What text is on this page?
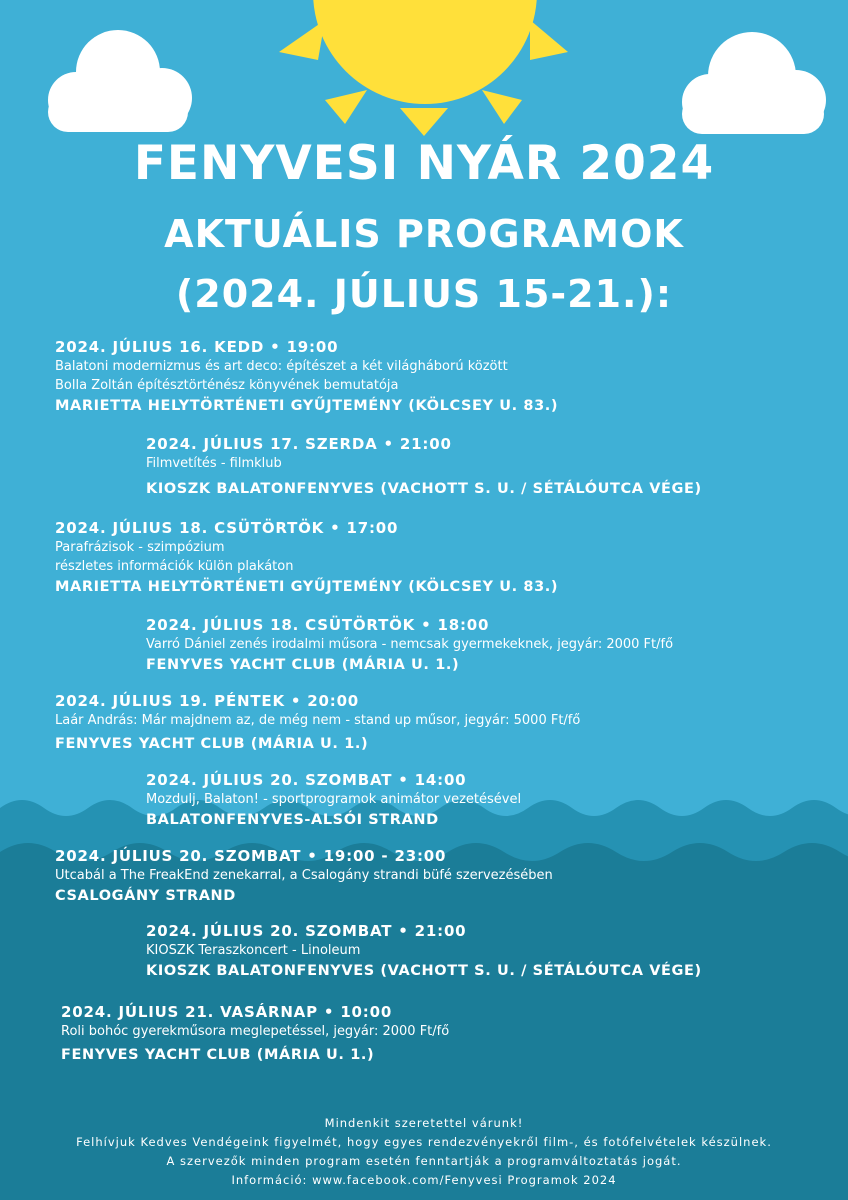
FENYVESI NYÁR 2024
AKTUÁLIS PROGRAMOK
(2024. JÚLIUS 15-21.):
2024. JÚLIUS 16. KEDD • 19:00
Balatoni modernizmus és art deco: építészet a két világháború között
Bolla Zoltán építésztörténész könyvének bemutatója
MARIETTA HELYTÖRTÉNETI GYŰJTEMÉNY (KÖLCSEY U. 83.)
2024. JÚLIUS 17. SZERDA • 21:00
Filmvetítés - filmklub
KIOSZK BALATONFENYVES (VACHOTT S. U. / SÉTÁLÓUTCA VÉGE)
2024. JÚLIUS 18. CSÜTÖRTÖK • 17:00
Parafrázisok - szimpózium
részletes információk külön plakáton
MARIETTA HELYTÖRTÉNETI GYŰJTEMÉNY (KÖLCSEY U. 83.)
2024. JÚLIUS 18. CSÜTÖRTÖK • 18:00
Varró Dániel zenés irodalmi műsora - nemcsak gyermekeknek, jegyár: 2000 Ft/fő
FENYVES YACHT CLUB (MÁRIA U. 1.)
2024. JÚLIUS 19. PÉNTEK • 20:00
Laár András: Már majdnem az, de még nem - stand up műsor, jegyár: 5000 Ft/fő
FENYVES YACHT CLUB (MÁRIA U. 1.)
2024. JÚLIUS 20. SZOMBAT • 14:00
Mozdulj, Balaton! - sportprogramok animátor vezetésével
BALATONFENYVES-ALSÓI STRAND
2024. JÚLIUS 20. SZOMBAT • 19:00 - 23:00
Utcabál a The FreakEnd zenekarral, a Csalogány strandi büfé szervezésében
CSALOGÁNY STRAND
2024. JÚLIUS 20. SZOMBAT • 21:00
KIOSZK Teraszkoncert - Linoleum
KIOSZK BALATONFENYVES (VACHOTT S. U. / SÉTÁLÓUTCA VÉGE)
2024. JÚLIUS 21. VASÁRNAP • 10:00
Roli bohóc gyerekműsora meglepetéssel, jegyár: 2000 Ft/fő
FENYVES YACHT CLUB (MÁRIA U. 1.)
Mindenkit szeretettel várunk!
Felhívjuk Kedves Vendégeink figyelmét, hogy egyes rendezvényekről film-, és fotófelvételek készülnek.
A szervezők minden program esetén fenntartják a programváltoztatás jogát.
Információ: www.facebook.com/Fenyvesi Programok 2024
